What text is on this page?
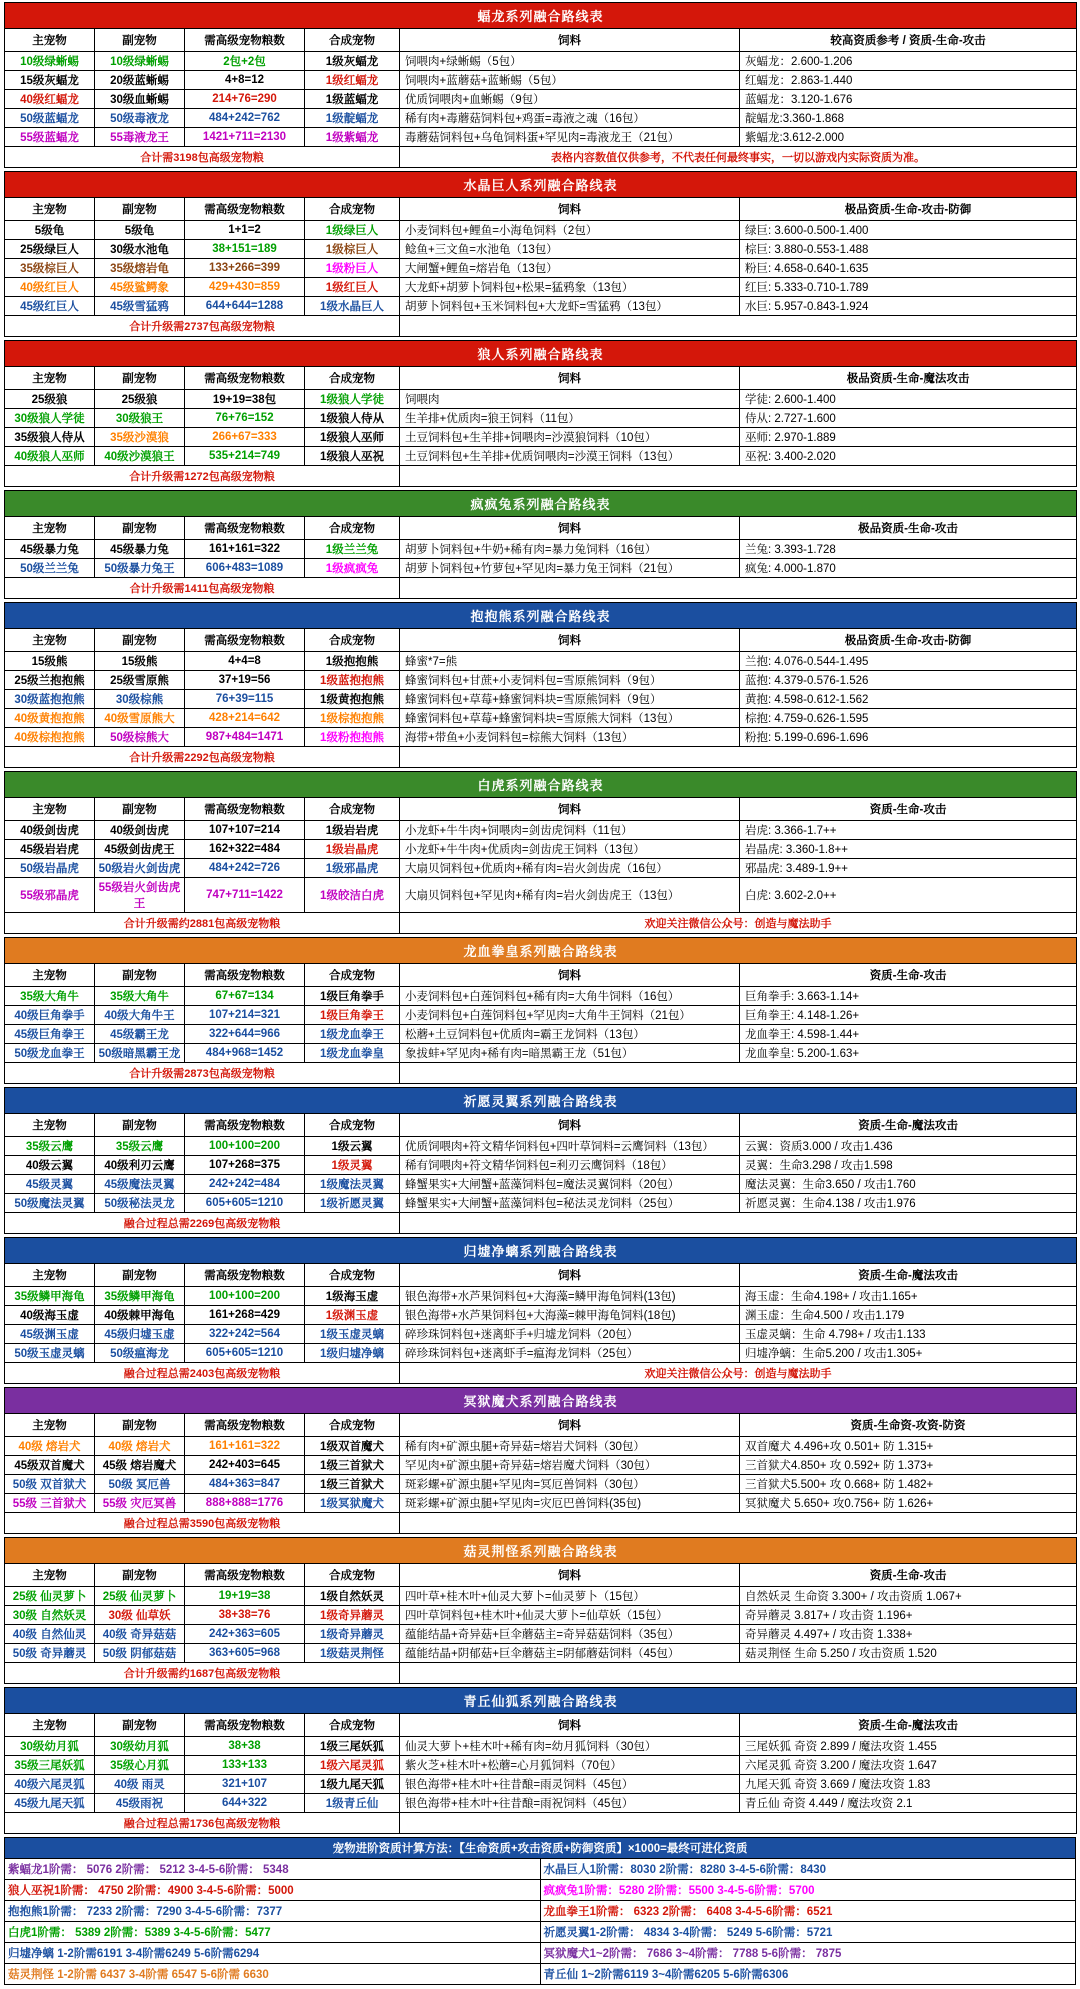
蝠龙系列融合路线表					
主宠物	副宠物	需高级宠物粮数	合成宠物	饲料	较高资质参考 / 资质-生命-攻击
10级绿蜥蜴	10级绿蜥蜴	2包+2包	1级灰蝠龙	饲喂肉+绿蜥蜴（5包）	灰蝠龙：2.600-1.206
15级灰蝠龙	20级蓝蜥蜴	4+8=12	1级红蝠龙	饲喂肉+蓝蘑菇+蓝蜥蜴（5包）	红蝠龙：2.863-1.440
40级红蝠龙	30级血蜥蜴	214+76=290	1级蓝蝠龙	优质饲喂肉+血蜥蜴（9包）	蓝蝠龙：3.120-1.676
50级蓝蝠龙	50级毒液龙	484+242=762	1级靛蝠龙	稀有肉+毒蘑菇饲料包+鸡蛋=毒液之魂（16包）	靛蝠龙:3.360-1.868
55级蓝蝠龙	55毒液龙王	1421+711=2130	1级紫蝠龙	毒蘑菇饲料包+乌龟饲料蛋+罕见肉=毒液龙王（21包）	紫蝠龙:3.612-2.000
合计需3198包高级宠物粮				表格内容数值仅供参考，不代表任何最终事实，一切以游戏内实际资质为准。	
水晶巨人系列融合路线表					
主宠物	副宠物	需高级宠物粮数	合成宠物	饲料	极品资质-生命-攻击-防御
5级龟	5级龟	1+1=2	1级绿巨人	小麦饲料包+鲤鱼=小海龟饲料（2包）	绿巨: 3.600-0.500-1.400
25级绿巨人	30级水池龟	38+151=189	1级棕巨人	鲶鱼+三文鱼=水池龟（13包）	棕巨: 3.880-0.553-1.488
35级棕巨人	35级熔岩龟	133+266=399	1级粉巨人	大闸蟹+鲤鱼=熔岩龟（13包）	粉巨: 4.658-0.640-1.635
40级红巨人	45级鲨鳄象	429+430=859	1级红巨人	大龙虾+胡萝卜饲料包+松果=猛鸦象（13包）	红巨: 5.333-0.710-1.789
45级红巨人	45级雪猛鸦	644+644=1288	1级水晶巨人	胡萝卜饲料包+玉米饲料包+大龙虾=雪猛鸦（13包）	水巨: 5.957-0.843-1.924
合计升级需2737包高级宠物粮					
狼人系列融合路线表					
主宠物	副宠物	需高级宠物粮数	合成宠物	饲料	极品资质-生命-魔法攻击
25级狼	25级狼	19+19=38包	1级狼人学徒	饲喂肉	学徒: 2.600-1.400
30级狼人学徒	30级狼王	76+76=152	1级狼人侍从	生羊排+优质肉=狼王饲料（11包）	侍从: 2.727-1.600
35级狼人侍从	35级沙漠狼	266+67=333	1级狼人巫师	土豆饲料包+生羊排+饲喂肉=沙漠狼饲料（10包）	巫师: 2.970-1.889
40级狼人巫师	40级沙漠狼王	535+214=749	1级狼人巫祝	土豆饲料包+生羊排+优质饲喂肉=沙漠王饲料（13包）	巫祝: 3.400-2.020
合计升级需1272包高级宠物粮					
疯疯兔系列融合路线表					
主宠物	副宠物	需高级宠物粮数	合成宠物	饲料	极品资质-生命-攻击
45级暴力兔	45级暴力兔	161+161=322	1级兰兰兔	胡萝卜饲料包+牛奶+稀有肉=暴力兔饲料（16包）	兰兔: 3.393-1.728
50级兰兰兔	50级暴力兔王	606+483=1089	1级疯疯兔	胡萝卜饲料包+竹萝包+罕见肉=暴力兔王饲料（21包）	疯兔: 4.000-1.870
合计升级需1411包高级宠物粮					
抱抱熊系列融合路线表					
主宠物	副宠物	需高级宠物粮数	合成宠物	饲料	极品资质-生命-攻击-防御
15级熊	15级熊	4+4=8	1级抱抱熊	蜂蜜*7=熊	兰抱: 4.076-0.544-1.495
25级兰抱抱熊	25级雪原熊	37+19=56	1级蓝抱抱熊	蜂蜜饲料包+甘蔗+小麦饲料包=雪原熊饲料（9包）	蓝抱: 4.379-0.576-1.526
30级蓝抱抱熊	30级棕熊	76+39=115	1级黄抱抱熊	蜂蜜饲料包+草莓+蜂蜜饲料块=雪原熊饲料（9包）	黄抱: 4.598-0.612-1.562
40级黄抱抱熊	40级雪原熊大	428+214=642	1级棕抱抱熊	蜂蜜饲料包+草莓+蜂蜜饲料块=雪原熊大饲料（13包）	棕抱: 4.759-0.626-1.595
40级棕抱抱熊	50级棕熊大	987+484=1471	1级粉抱抱熊	海带+带鱼+小麦饲料包=棕熊大饲料（13包）	粉抱: 5.199-0.696-1.696
合计升级需2292包高级宠物粮					
白虎系列融合路线表					
主宠物	副宠物	需高级宠物粮数	合成宠物	饲料	资质-生命-攻击
40级剑齿虎	40级剑齿虎	107+107=214	1级岩岩虎	小龙虾+牛牛肉+饲喂肉=剑齿虎饲料（11包）	岩虎: 3.366-1.7++
45级岩岩虎	45级剑齿虎王	162+322=484	1级岩晶虎	小龙虾+牛牛肉+优质肉=剑齿虎王饲料（13包）	岩晶虎: 3.360-1.8++
50级岩晶虎	50级岩火剑齿虎	484+242=726	1级邪晶虎	大扇贝饲料包+优质肉+稀有肉=岩火剑齿虎（16包）	邪晶虎: 3.489-1.9++
55级邪晶虎	55级岩火剑齿虎王	747+711=1422	1级皎洁白虎	大扇贝饲料包+罕见肉+稀有肉=岩火剑齿虎王（13包）	白虎: 3.602-2.0++
合计升级需约2881包高级宠物粮				欢迎关注微信公众号：创造与魔法助手	
龙血拳皇系列融合路线表					
主宠物	副宠物	需高级宠物粮数	合成宠物	饲料	资质-生命-攻击
35级大角牛	35级大角牛	67+67=134	1级巨角拳手	小麦饲料包+白莲饲料包+稀有肉=大角牛饲料（16包）	巨角拳手: 3.663-1.14+
40级巨角拳手	40级大角牛王	107+214=321	1级巨角拳王	小麦饲料包+白莲饲料包+罕见肉=大角牛王饲料（21包）	巨角拳王: 4.148-1.26+
45级巨角拳王	45级霸王龙	322+644=966	1级龙血拳王	松蘑+土豆饲料包+优质肉=霸王龙饲料（13包）	龙血拳王: 4.598-1.44+
50级龙血拳王	50级暗黑霸王龙	484+968=1452	1级龙血拳皇	象拔蚌+罕见肉+稀有肉=暗黑霸王龙（51包）	龙血拳皇: 5.200-1.63+
合计升级需2873包高级宠物粮					
祈愿灵翼系列融合路线表					
主宠物	副宠物	需高级宠物粮数	合成宠物	饲料	资质-生命-魔法攻击
35级云鹰	35级云鹰	100+100=200	1级云翼	优质饲喂肉+符文精华饲料包+四叶草饲料=云鹰饲料（13包）	云翼：资质3.000 / 攻击1.436
40级云翼	40级利刃云鹰	107+268=375	1级灵翼	稀有饲喂肉+符文精华饲料包=利刃云鹰饲料（18包）	灵翼：生命3.298 / 攻击1.598
45级灵翼	45级魔法灵翼	242+242=484	1级魔法灵翼	蜂蟹果实+大闸蟹+蓝藻饲料包=魔法灵翼饲料（20包）	魔法灵翼：生命3.650 / 攻击1.760
50级魔法灵翼	50级秘法灵龙	605+605=1210	1级祈愿灵翼	蜂蟹果实+大闸蟹+蓝藻饲料包=秘法灵龙饲料（25包）	祈愿灵翼：生命4.138 / 攻击1.976
融合过程总需2269包高级宠物粮					
归墟净螭系列融合路线表					
主宠物	副宠物	需高级宠物粮数	合成宠物	饲料	资质-生命-魔法攻击
35级鳞甲海龟	35级鳞甲海龟	100+100=200	1级海玉虚	银色海带+水芦果饲料包+大海藻=鳞甲海龟饲料(13包)	海玉虚：生命4.198+ / 攻击1.165+
40级海玉虚	40级棘甲海龟	161+268=429	1级渊玉虚	银色海带+水芦果饲料包+大海藻=棘甲海龟饲料(18包)	渊玉虚：生命4.500 / 攻击1.179
45级渊玉虚	45级归墟玉虚	322+242=564	1级玉虚灵螭	碎珍珠饲料包+迷离虾手+归墟龙饲料（20包）	玉虚灵螭：生命 4.798+ / 攻击1.133
50级玉虚灵螭	50级瘟海龙	605+605=1210	1级归墟净螭	碎珍珠饲料包+迷离虾手=瘟海龙饲料（25包）	归墟净螭：生命5.200 / 攻击1.305+
融合过程总需2403包高级宠物粮				欢迎关注微信公众号：创造与魔法助手	
冥狱魔犬系列融合路线表					
主宠物	副宠物	需高级宠物粮数	合成宠物	饲料	资质-生命资-攻资-防资
40级 熔岩犬	40级 熔岩犬	161+161=322	1级双首魔犬	稀有肉+矿源虫腿+奇异菇=熔岩犬饲料（30包）	双首魔犬 4.496+攻 0.501+ 防 1.315+
45级双首魔犬	45级 熔岩魔犬	242+403=645	1级三首狱犬	罕见肉+矿源虫腿+奇异菇=熔岩魔犬饲料（30包）	三首狱犬4.850+ 攻 0.592+ 防 1.373+
50级 双首狱犬	50级 冥厄兽	484+363=847	1级三首狱犬	斑彩螺+矿源虫腿+罕见肉=冥厄兽饲料（30包）	三首狱犬5.500+ 攻 0.668+ 防 1.482+
55级 三首狱犬	55级 灾厄冥兽	888+888=1776	1级冥狱魔犬	斑彩螺+矿源虫腿+罕见肉=灾厄巴兽饲料(35包)	冥狱魔犬 5.650+ 攻0.756+ 防 1.626+
融合过程总需3590包高级宠物粮					
菇灵荆怪系列融合路线表					
主宠物	副宠物	需高级宠物粮数	合成宠物	饲料	资质-生命-攻击
25级 仙灵萝卜	25级 仙灵萝卜	19+19=38	1级自然妖灵	四叶草+桂木叶+仙灵大萝卜=仙灵萝卜（15包）	自然妖灵 生命资 3.300+ / 攻击资质 1.067+
30级 自然妖灵	30级 仙草妖	38+38=76	1级奇异蘑灵	四叶草饲料包+桂木叶+仙灵大萝卜=仙草妖（15包）	奇异蘑灵 3.817+ / 攻击资 1.196+
40级 自然仙灵	40级 奇异菇菇	242+363=605	1级奇异蘑灵	蕴能结晶+奇异菇+巨伞蘑菇主=奇异菇菇饲料（35包）	奇异蘑灵 4.497+ / 攻击资 1.338+
50级 奇异蘑灵	50级 阴郁菇菇	363+605=968	1级菇灵荆怪	蕴能结晶+阴郁菇+巨伞蘑菇主=阴郁蘑菇饲料（45包）	菇灵荆怪 生命 5.250 / 攻击资质 1.520
合计升级需约1687包高级宠物粮					
青丘仙狐系列融合路线表					
主宠物	副宠物	需高级宠物粮数	合成宠物	饲料	资质-生命-魔法攻击
30级幼月狐	30级幼月狐	38+38	1级三尾妖狐	仙灵大萝卜+桂木叶+稀有肉=幼月狐饲料（30包）	三尾妖狐 奇资 2.899 / 魔法攻资 1.455
35级三尾妖狐	35级心月狐	133+133	1级六尾灵狐	紫火芝+桂木叶+松蘑=心月狐饲料（70包）	六尾灵狐 奇资 3.200 / 魔法攻资 1.647
40级六尾灵狐	40级 雨灵	321+107	1级九尾天狐	银色海带+桂木叶+往昔酿=雨灵饲料（45包）	九尾天狐 奇资 3.669 / 魔法攻资 1.83
45级九尾天狐	45级雨祝	644+322	1级青丘仙	银色海带+桂木叶+往昔酿=雨祝饲料（45包）	青丘仙 奇资 4.449 / 魔法攻资 2.1
融合过程总需1736包高级宠物粮					
宠物进阶资质计算方法：【生命资质+攻击资质+防御资质】×1000=最终可进化资质	
紫蝠龙1阶需： 5076 2阶需： 5212 3-4-5-6阶需： 5348	水晶巨人1阶需：8030 2阶需：8280 3-4-5-6阶需：8430
狼人巫祝1阶需： 4750 2阶需：4900 3-4-5-6阶需：5000	疯疯兔1阶需：5280 2阶需：5500 3-4-5-6阶需：5700
抱抱熊1阶需： 7233 2阶需：7290 3-4-5-6阶需：7377	龙血拳王1阶需： 6323 2阶需： 6408 3-4-5-6阶需：6521
白虎1阶需： 5389 2阶需：5389 3-4-5-6阶需：5477	祈愿灵翼1-2阶需： 4834 3-4阶需： 5249 5-6阶需：5721
归墟净螭 1-2阶需6191 3-4阶需6249 5-6阶需6294	冥狱魔犬1~2阶需： 7686 3~4阶需： 7788 5-6阶需： 7875
菇灵荆怪 1-2阶需 6437 3-4阶需 6547 5-6阶需 6630	青丘仙 1~2阶需6119 3~4阶需6205 5-6阶需6306
